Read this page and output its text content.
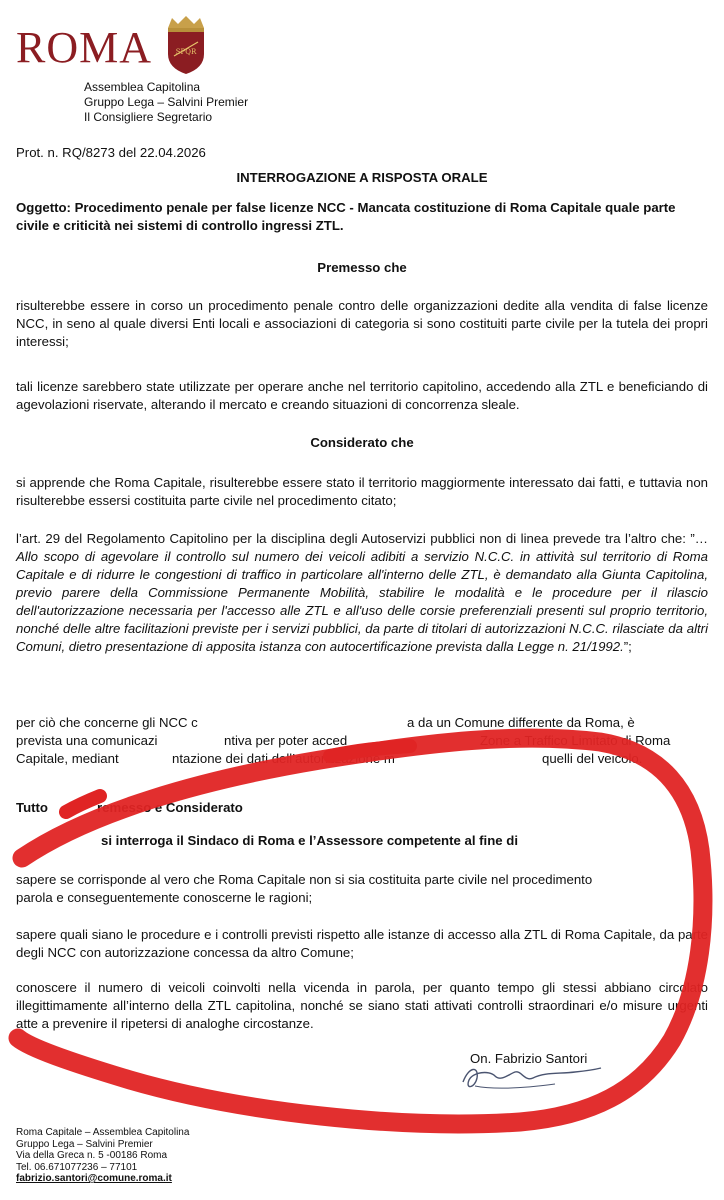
ROMA	SPQR
Assemblea Capitolina
Gruppo Lega – Salvini Premier
Il Consigliere Segretario
Prot. n. RQ/8273 del 22.04.2026
INTERROGAZIONE A RISPOSTA ORALE
Oggetto: Procedimento penale per false licenze NCC - Mancata costituzione di Roma Capitale quale parte civile e criticità nei sistemi di controllo ingressi ZTL.
Premesso che
risulterebbe essere in corso un procedimento penale contro delle organizzazioni dedite alla vendita di false licenze NCC, in seno al quale diversi Enti locali e associazioni di categoria si sono costituiti parte civile per la tutela dei propri interessi;
tali licenze sarebbero state utilizzate per operare anche nel territorio capitolino, accedendo alla ZTL e beneficiando di agevolazioni riservate, alterando il mercato e creando situazioni di concorrenza sleale.
Considerato che
si apprende che Roma Capitale, risulterebbe essere stato il territorio maggiormente interessato dai fatti, e tuttavia non risulterebbe essersi costituita parte civile nel procedimento citato;
l’art. 29 del Regolamento Capitolino per la disciplina degli Autoservizi pubblici non di linea prevede tra l’altro che: ”… Allo scopo di agevolare il controllo sul numero dei veicoli adibiti a servizio N.C.C. in attività sul territorio di Roma Capitale e di ridurre le congestioni di traffico in particolare all'interno delle ZTL, è demandato alla Giunta Capitolina, previo parere della Commissione Permanente Mobilità, stabilire le modalità e le procedure per il rilascio dell'autorizzazione necessaria per l'accesso alle ZTL e all'uso delle corsie preferenziali presenti sul proprio territorio, nonché delle altre facilitazioni previste per i servizi pubblici, da parte di titolari di autorizzazioni N.C.C. rilasciate da altri Comuni, dietro presentazione di apposita istanza con autocertificazione prevista dalla Legge n. 21/1992.”;
per ciò che concerne gli NCC c	a da un Comune differente da Roma, è
prevista una comunicazi	ntiva per poter acced	Zone a Traffico Limitato di Roma
Capitale, mediant	ntazione dei dati dell’autorizzazione m	quelli del veicolo.
Tutto	remesso e Considerato
si interroga il Sindaco di Roma e l’Assessore competente al fine di
sapere se corrisponde al vero che Roma Capitale non si sia costituita parte civile nel procedimento
parola e conseguentemente conoscerne le ragioni;
sapere quali siano le procedure e i controlli previsti rispetto alle istanze di accesso alla ZTL di Roma Capitale, da parte degli NCC con autorizzazione concessa da altro Comune;
conoscere il numero di veicoli coinvolti nella vicenda in parola, per quanto tempo gli stessi abbiano circolato illegittimamente all’interno della ZTL capitolina, nonché se siano stati attivati controlli straordinari e/o misure urgenti atte a prevenire il ripetersi di analoghe circostanze.
On. Fabrizio Santori
Roma Capitale – Assemblea Capitolina
Gruppo Lega – Salvini Premier
Via della Greca n. 5 -00186 Roma
Tel. 06.671077236 – 77101
fabrizio.santori@comune.roma.it
